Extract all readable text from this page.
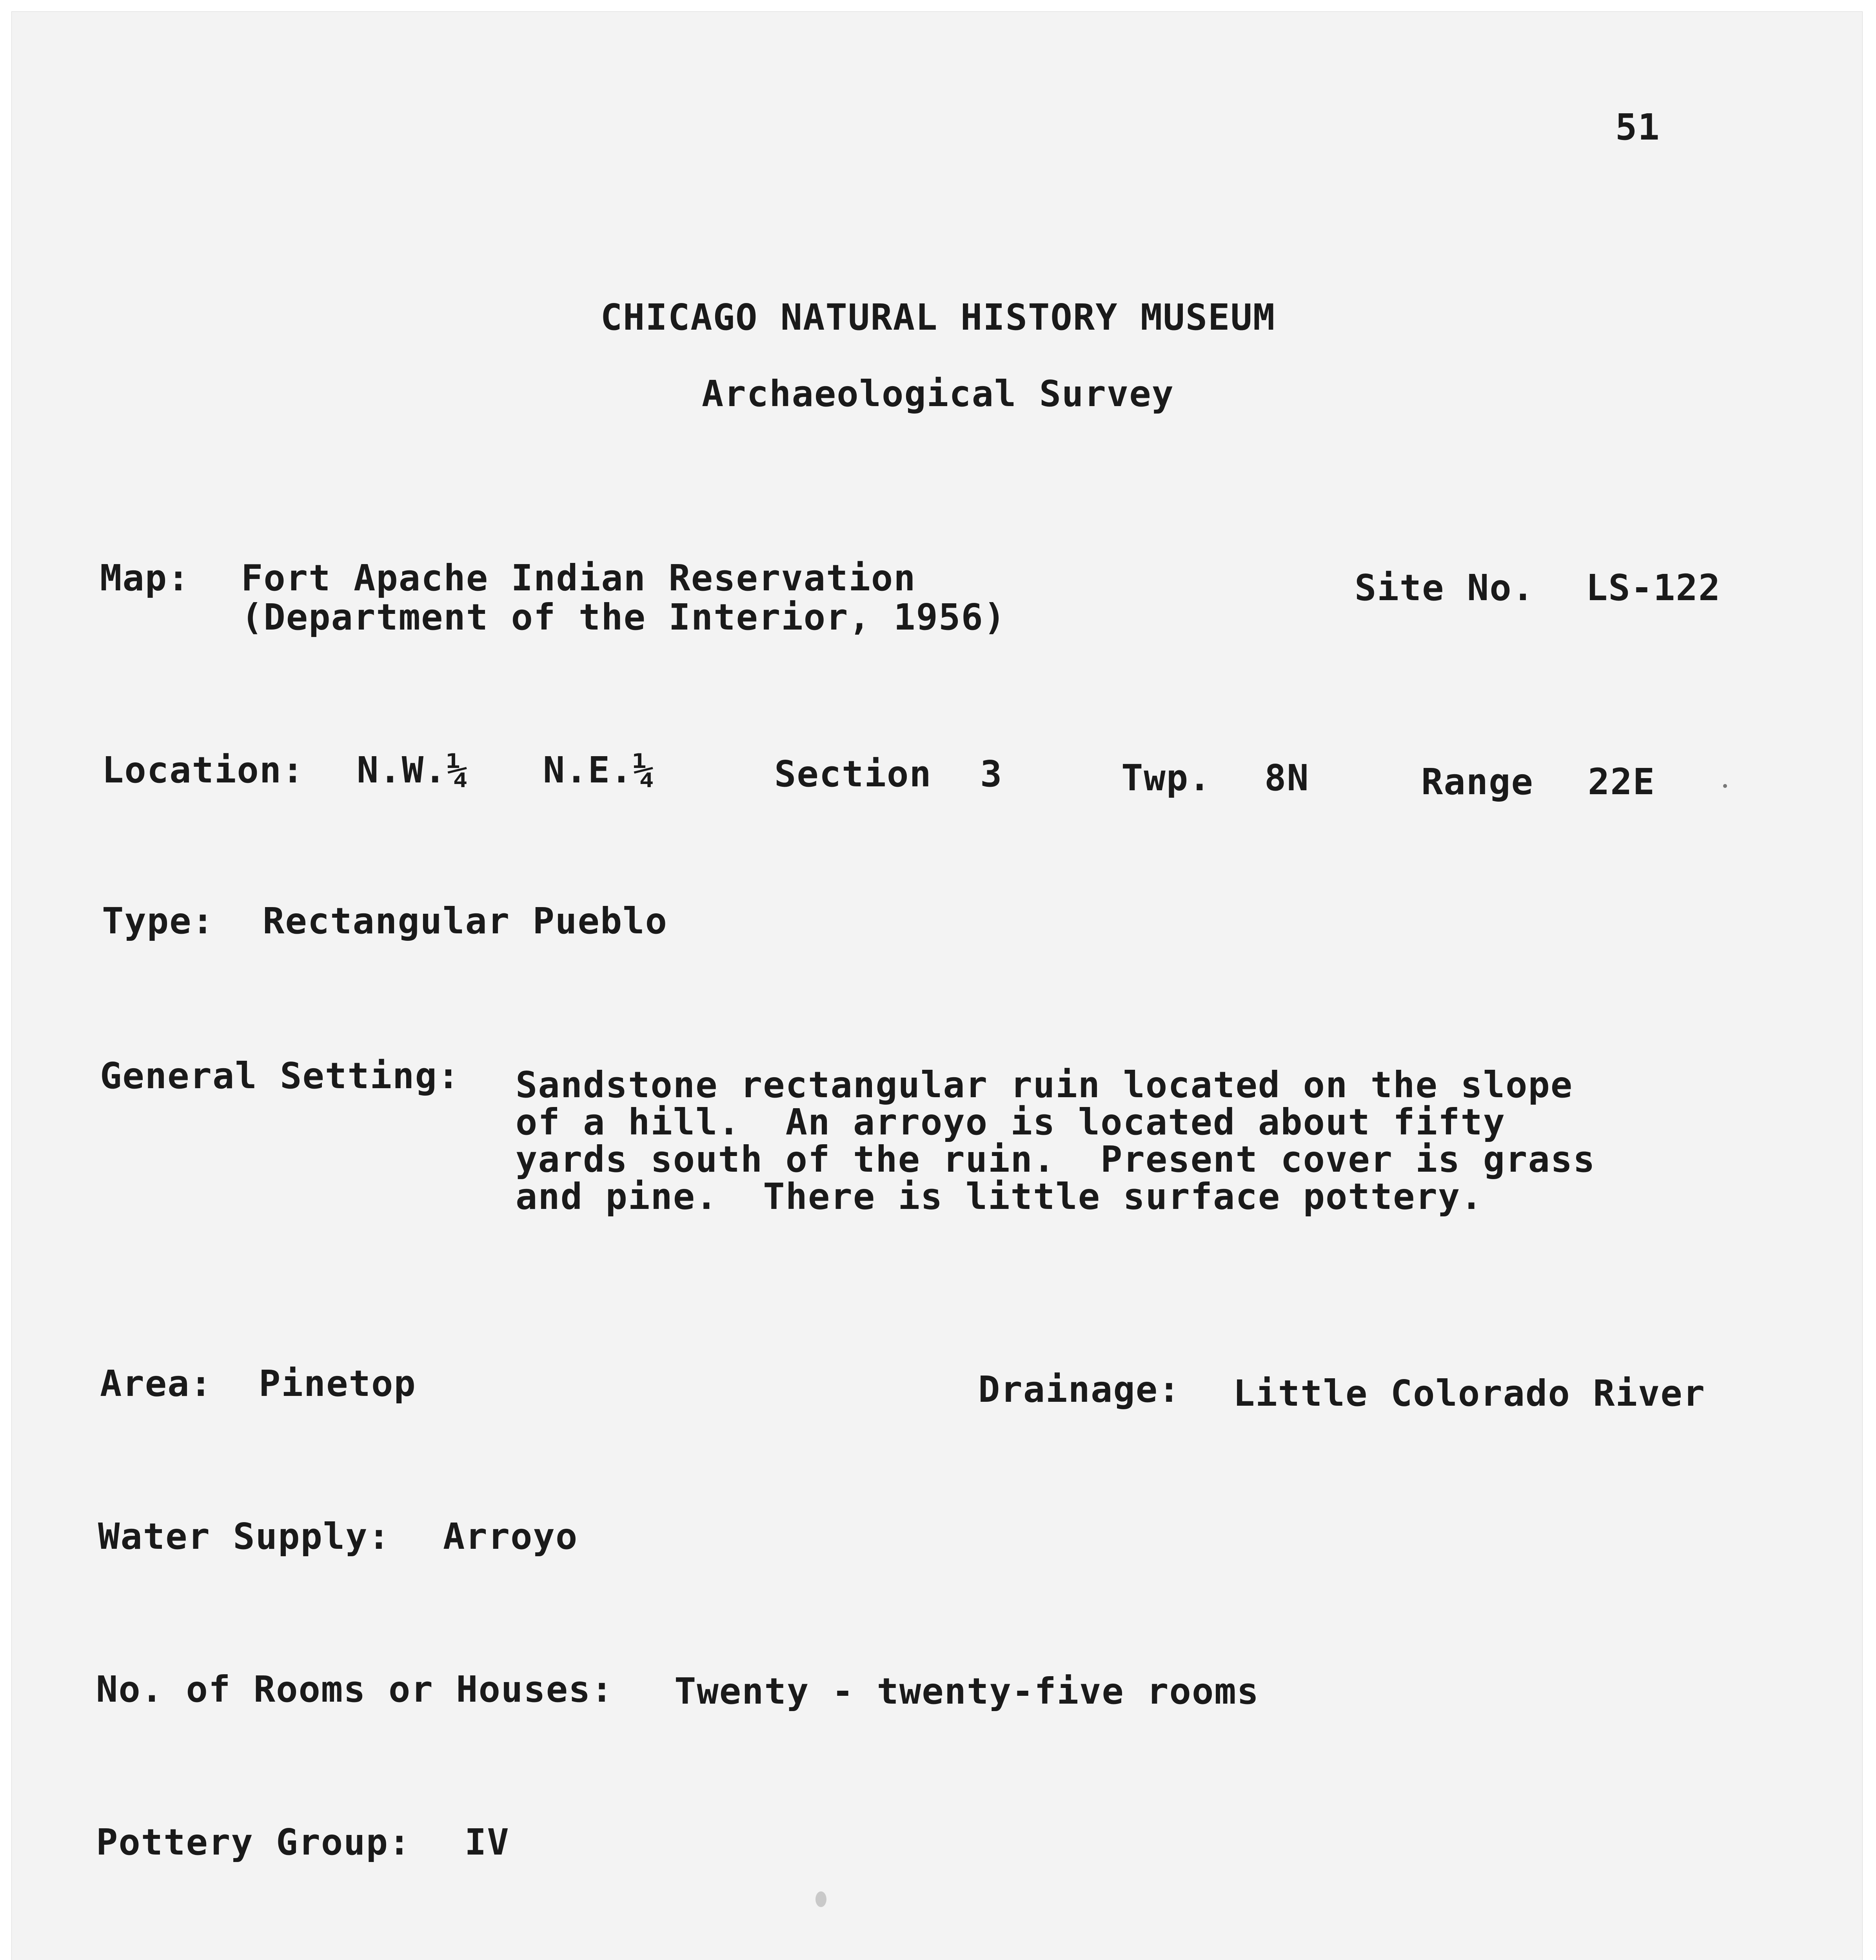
51
CHICAGO NATURAL HISTORY MUSEUM
Archaeological Survey
Map: Fort Apache Indian Reservation
(Department of the Interior, 1956)
Site No. LS-122
Location: N.W.¼ N.E.¼	Section 3	Twp. 8N	Range 22E
Type: Rectangular Pueblo
General Setting: Sandstone rectangular ruin located on the slope
of a hill.  An arroyo is located about fifty
yards south of the ruin.  Present cover is grass
and pine.  There is little surface pottery.
Area: Pinetop	Drainage: Little Colorado River
Water Supply: Arroyo
No. of Rooms or Houses: Twenty - twenty-five rooms
Pottery Group: IV
